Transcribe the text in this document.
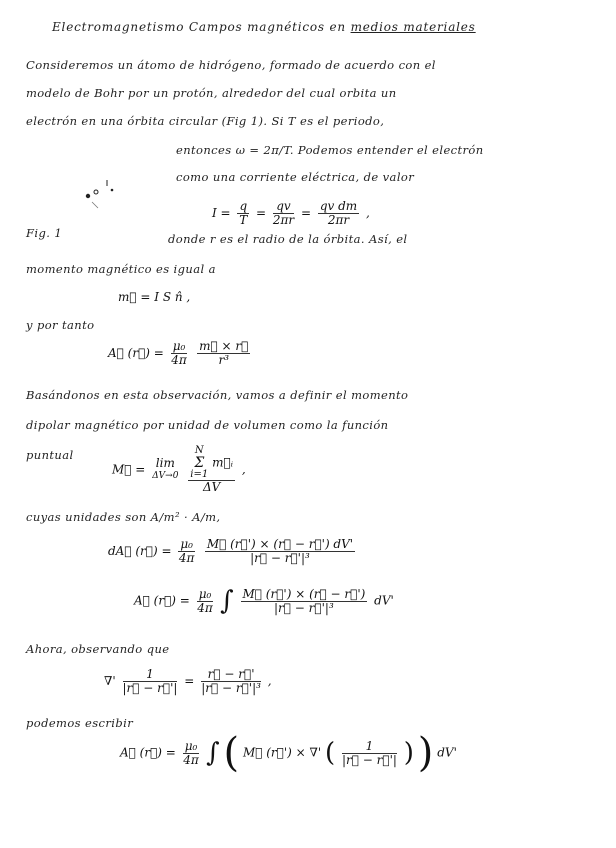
Electromagnetismo Campos magnéticos en medios materiales
Consideremos un átomo de hidrógeno, formado de acuerdo con el
modelo de Bohr por un protón, alrededor del cual orbita un
electrón en una órbita circular (Fig 1). Si T es el periodo,
entonces ω = 2π/T. Podemos entender el electrón
como una corriente eléctrica, de valor
Fig. 1
$I = \frac{q}{T} = \frac{qv}{2\pi r} = \frac{\text{qv dm}}{2\pi r}$ ,
donde r es el radio de la órbita. Así, el
momento magnético es igual a
m⃗ = I S n̂ ,
y por tanto
A⃗ (r⃗) = $\frac{\text{μ₀}}{4\pi}$
$\frac{m⃗ \times r⃗}{\text{r³}}$
Basándonos en esta observación, vamos a definir el momento
dipolar magnético por unidad de volumen como la función
puntual
M⃗ = lim
ΔV→0
N
Σ
i=1
m⃗ᵢ
ΔV ,
cuyas unidades son A/m² · A/m,
dA⃗ (r⃗) = $\frac{\text{μ₀}}{4\pi}$
$\frac{M⃗ (r⃗') \times (r⃗ - r⃗') dV'}{\text{|r⃗ − r⃗'|³}}$
A⃗ (r⃗) = $\frac{\text{μ₀}}{4\pi}$ ∫ $\frac{M⃗ (r⃗') \times (r⃗ - r⃗')}{\text{|r⃗ − r⃗'|³}} dV'$
Ahora, observando que
∇' $\frac{1}{|r⃗ - r⃗'|} = \frac{r⃗ - r⃗'}{\text{|r⃗ − r⃗'|³}}$ ,
podemos escribir
A⃗ (r⃗) = $\frac{\text{μ₀}}{4\pi}$ ∫ ( M⃗ (r⃗') × ∇' ( $\frac{1}{|r⃗ - r⃗'|}$ ) ) dV'
